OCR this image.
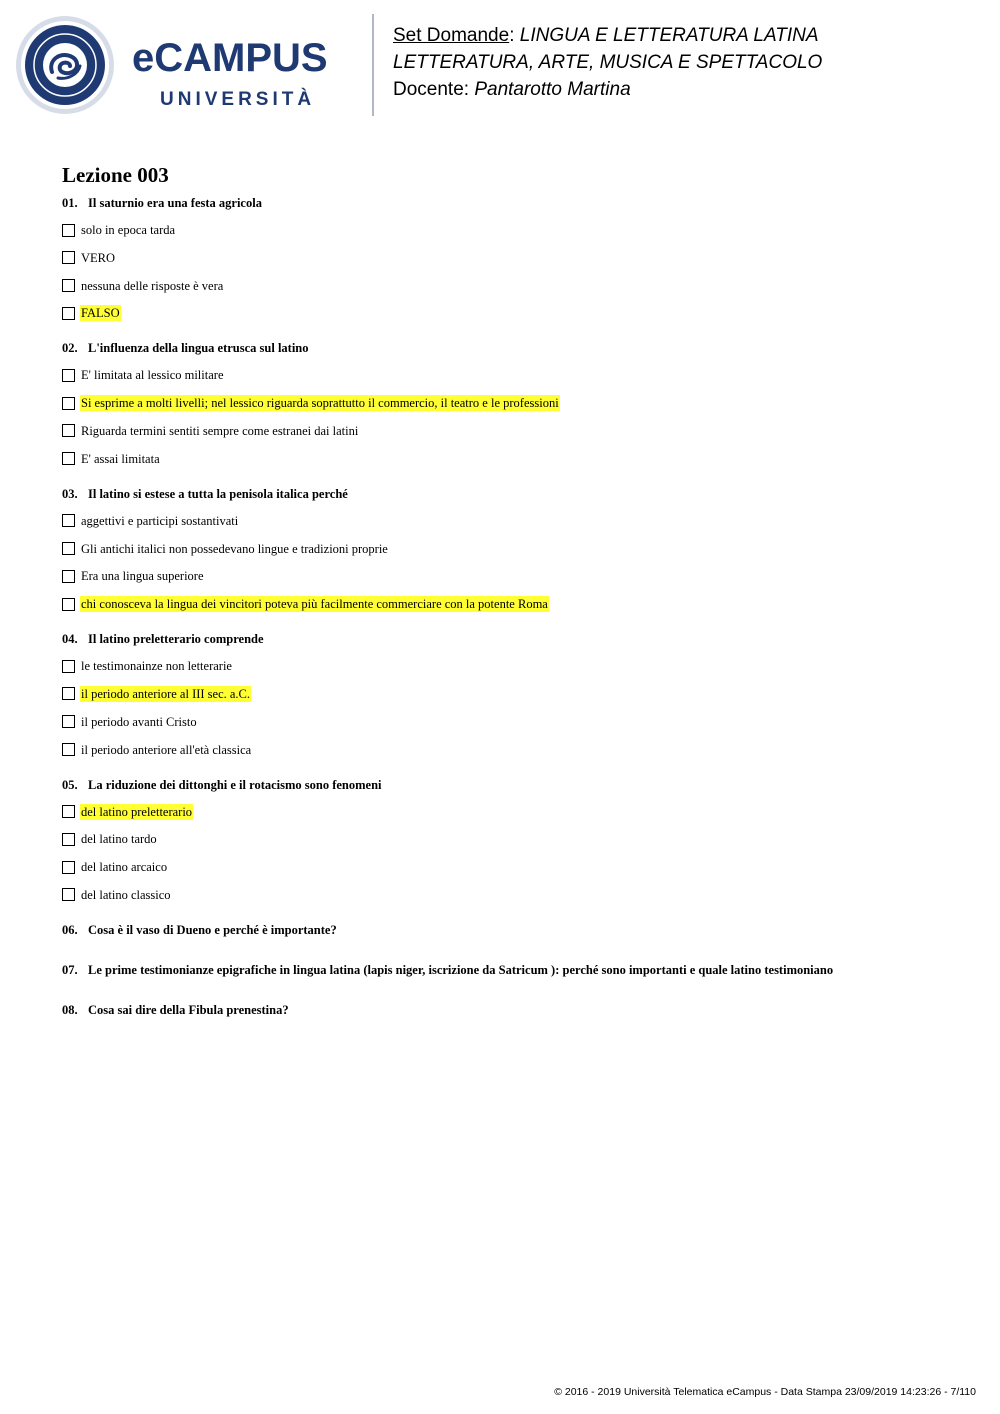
eCAMPUS
UNIVERSITÀ
Set Domande: LINGUA E LETTERATURA LATINA
LETTERATURA, ARTE, MUSICA E SPETTACOLO
Docente: Pantarotto Martina
Lezione 003
01. Il saturnio era una festa agricola
solo in epoca tarda
VERO
nessuna delle risposte è vera
FALSO
02. L'influenza della lingua etrusca sul latino
E' limitata al lessico militare
Si esprime a molti livelli; nel lessico riguarda soprattutto il commercio, il teatro e le professioni
Riguarda termini sentiti sempre come estranei dai latini
E' assai limitata
03. Il latino si estese a tutta la penisola italica perché
aggettivi e participi sostantivati
Gli antichi italici non possedevano lingue e tradizioni proprie
Era una lingua superiore
chi conosceva la lingua dei vincitori poteva più facilmente commerciare con la potente Roma
04. Il latino preletterario comprende
le testimonainze non letterarie
il periodo anteriore al III sec. a.C.
il periodo avanti Cristo
il periodo anteriore all'età classica
05. La riduzione dei dittonghi e il rotacismo sono fenomeni
del latino preletterario
del latino tardo
del latino arcaico
del latino classico
06. Cosa è il vaso di Dueno e perché è importante?
07. Le prime testimonianze epigrafiche in lingua latina (lapis niger, iscrizione da Satricum ): perché sono importanti e quale latino testimoniano
08. Cosa sai dire della Fibula prenestina?
© 2016 - 2019 Università Telematica eCampus - Data Stampa 23/09/2019 14:23:26 - 7/110
